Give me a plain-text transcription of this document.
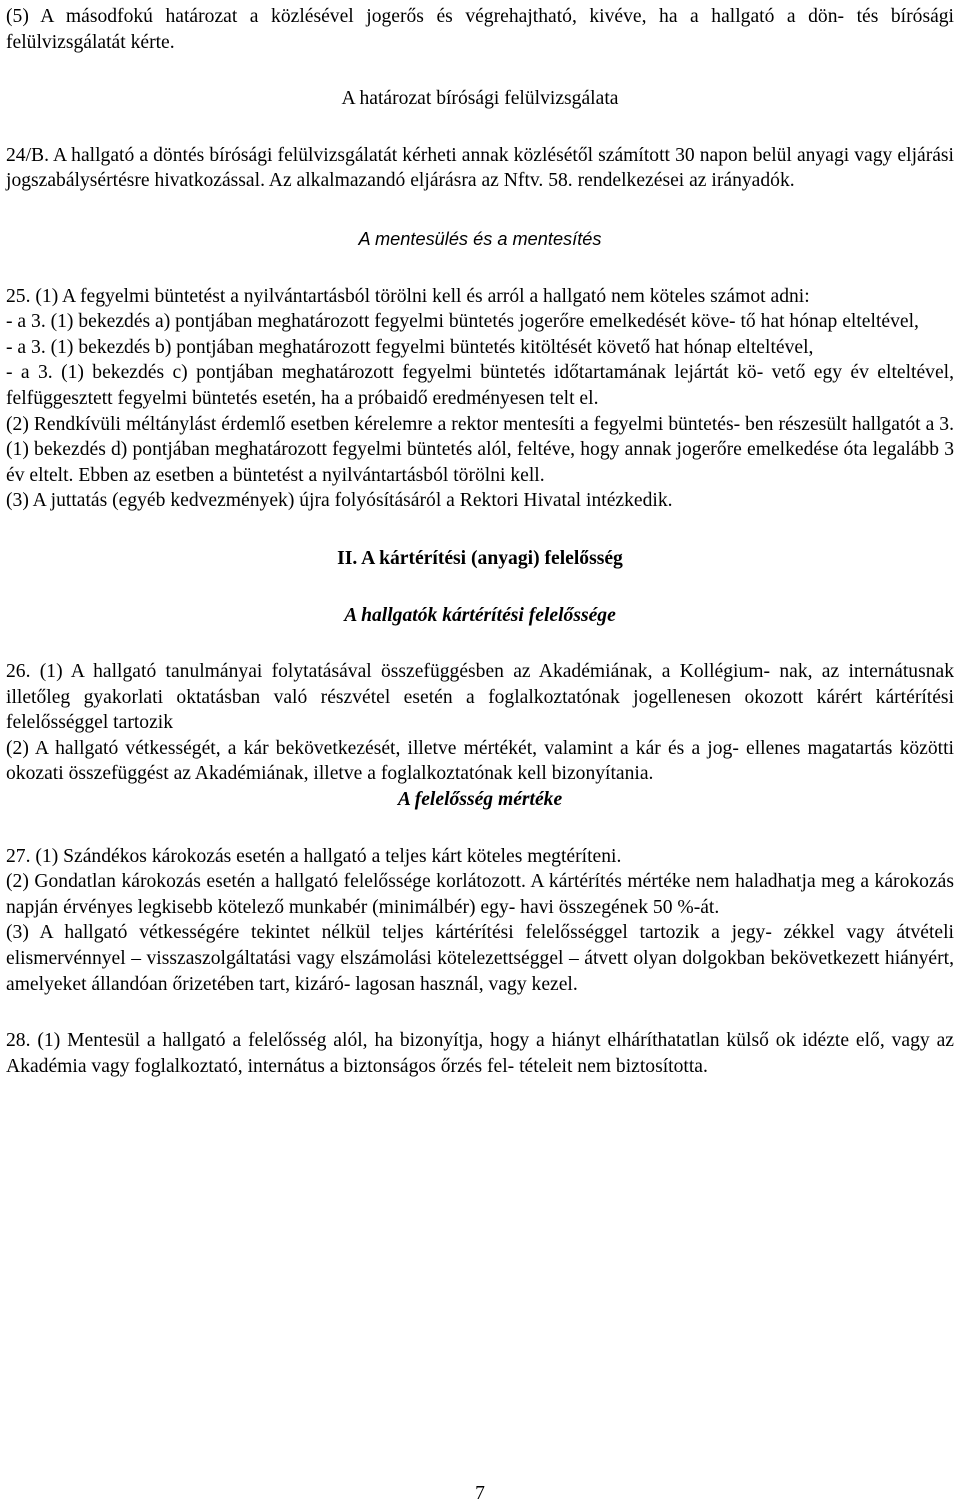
(5) A másodfokú határozat a közlésével jogerős és végrehajtható, kivéve, ha a hallgató a dön- tés bírósági felülvizsgálatát kérte.

A határozat bírósági felülvizsgálata

24/B. A hallgató a döntés bírósági felülvizsgálatát kérheti annak közlésétől számított 30 napon belül anyagi vagy eljárási jogszabálysértésre hivatkozással. Az alkalmazandó eljárásra az Nftv. 58. rendelkezései az irányadók.

A mentesülés és a mentesítés

25. (1) A fegyelmi büntetést a nyilvántartásból törölni kell és arról a hallgató nem köteles számot adni:

- a 3. (1) bekezdés a) pontjában meghatározott fegyelmi büntetés jogerőre emelkedését köve- tő hat hónap elteltével,

- a 3. (1) bekezdés b) pontjában meghatározott fegyelmi büntetés kitöltését követő hat hónap elteltével,

- a 3. (1) bekezdés c) pontjában meghatározott fegyelmi büntetés időtartamának lejártát kö- vető egy év elteltével, felfüggesztett fegyelmi büntetés esetén, ha a próbaidő eredményesen telt el.

(2) Rendkívüli méltánylást érdemlő esetben kérelemre a rektor mentesíti a fegyelmi büntetés- ben részesült hallgatót a 3. (1) bekezdés d) pontjában meghatározott fegyelmi büntetés alól, feltéve, hogy annak jogerőre emelkedése óta legalább 3 év eltelt. Ebben az esetben a büntetést a nyilvántartásból törölni kell.

(3) A juttatás (egyéb kedvezmények) újra folyósításáról a Rektori Hivatal intézkedik.

II. A kártérítési (anyagi) felelősség

A hallgatók kártérítési felelőssége

26. (1) A hallgató tanulmányai folytatásával összefüggésben az Akadémiának, a Kollégium- nak, az internátusnak illetőleg gyakorlati oktatásban való részvétel esetén a foglalkoztatónak jogellenesen okozott kárért kártérítési felelősséggel tartozik

(2) A hallgató vétkességét, a kár bekövetkezését, illetve mértékét, valamint a kár és a jog- ellenes magatartás közötti okozati összefüggést az Akadémiának, illetve a foglalkoztatónak kell bizonyítania.

A felelősség mértéke

27. (1) Szándékos károkozás esetén a hallgató a teljes kárt köteles megtéríteni.

(2) Gondatlan károkozás esetén a hallgató felelőssége korlátozott. A kártérítés mértéke nem haladhatja meg a károkozás napján érvényes legkisebb kötelező munkabér (minimálbér) egy- havi összegének 50 %-át.

(3) A hallgató vétkességére tekintet nélkül teljes kártérítési felelősséggel tartozik a jegy- zékkel vagy átvételi elismervénnyel – visszaszolgáltatási vagy elszámolási kötelezettséggel – átvett olyan dolgokban bekövetkezett hiányért, amelyeket állandóan őrizetében tart, kizáró- lagosan használ, vagy kezel.

28. (1) Mentesül a hallgató a felelősség alól, ha bizonyítja, hogy a hiányt elháríthatatlan külső ok idézte elő, vagy az Akadémia vagy foglalkoztató, internátus a biztonságos őrzés fel- tételeit nem biztosította.

7
